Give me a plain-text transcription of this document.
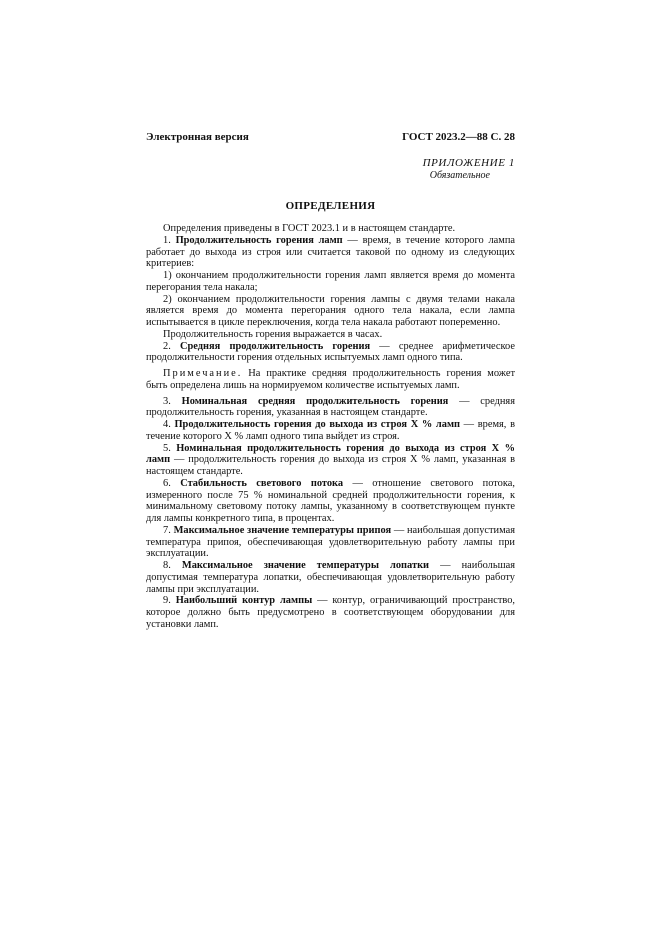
Электронная версия	ГОСТ 2023.2—88 С. 28
ПРИЛОЖЕНИЕ 1
Обязательное
ОПРЕДЕЛЕНИЯ

Определения приведены в ГОСТ 2023.1 и в настоящем стандарте.

1. Продолжительность горения ламп — время, в течение которого лампа работает до выхода из строя или считается таковой по одному из следующих критериев:

1) окончанием продолжительности горения ламп является время до момента перегорания тела накала;

2) окончанием продолжительности горения лампы с двумя телами накала является время до момента перегорания одного тела накала, если лампа испытывается в цикле переключения, когда тела накала работают попеременно.

Продолжительность горения выражается в часах.

2. Средняя продолжительность горения — среднее арифметическое продолжительности горения отдельных испытуемых ламп одного типа.

Примечание. На практике средняя продолжительность горения может быть определена лишь на нормируемом количестве испытуемых ламп.

3. Номинальная средняя продолжительность горения — средняя продолжительность горения, указанная в настоящем стандарте.

4. Продолжительность горения до выхода из строя X % ламп — время, в течение которого X % ламп одного типа выйдет из строя.

5. Номинальная продолжительность горения до выхода из строя X % ламп — продолжительность горения до выхода из строя X % ламп, указанная в настоящем стандарте.

6. Стабильность светового потока — отношение светового потока, измеренного после 75 % номинальной средней продолжительности горения, к минимальному световому потоку лампы, указанному в соответствующем пункте для лампы конкретного типа, в процентах.

7. Максимальное значение температуры припоя — наибольшая допустимая температура припоя, обеспечивающая удовлетворительную работу лампы при эксплуатации.

8. Максимальное значение температуры лопатки — наибольшая допустимая температура лопатки, обеспечивающая удовлетворительную работу лампы при эксплуатации.

9. Наибольший контур лампы — контур, ограничивающий пространство, которое должно быть предусмотрено в соответствующем оборудовании для установки ламп.
